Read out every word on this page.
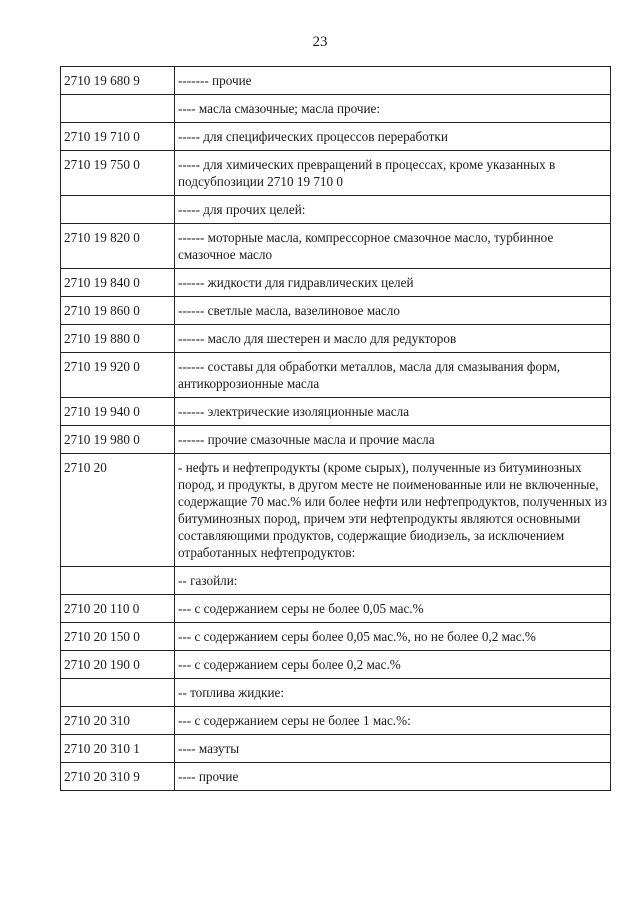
23
2710 19 680 9	------- прочие
	---- масла смазочные; масла прочие:
2710 19 710 0	----- для специфических процессов переработки
2710 19 750 0	----- для химических превращений в процессах, кроме указанных в подсубпозиции 2710 19 710 0
	----- для прочих целей:
2710 19 820 0	------ моторные масла, компрессорное смазочное масло, турбинное смазочное масло
2710 19 840 0	------ жидкости для гидравлических целей
2710 19 860 0	------ светлые масла, вазелиновое масло
2710 19 880 0	------ масло для шестерен и масло для редукторов
2710 19 920 0	------ составы для обработки металлов, масла для смазывания форм, антикоррозионные масла
2710 19 940 0	------ электрические изоляционные масла
2710 19 980 0	------ прочие смазочные масла и прочие масла
2710 20	- нефть и нефтепродукты (кроме сырых), полученные из битуминозных пород, и продукты, в другом месте не поименованные или не включенные, содержащие 70 мас.% или более нефти или нефтепродуктов, полученных из битуминозных пород, причем эти нефтепродукты являются основными составляющими продуктов, содержащие биодизель, за исключением отработанных нефтепродуктов:
	-- газойли:
2710 20 110 0	--- с содержанием серы не более 0,05 мас.%
2710 20 150 0	--- с содержанием серы более 0,05 мас.%, но не более 0,2 мас.%
2710 20 190 0	--- с содержанием серы более 0,2 мас.%
	-- топлива жидкие:
2710 20 310	--- с содержанием серы не более 1 мас.%:
2710 20 310 1	---- мазуты
2710 20 310 9	---- прочие
